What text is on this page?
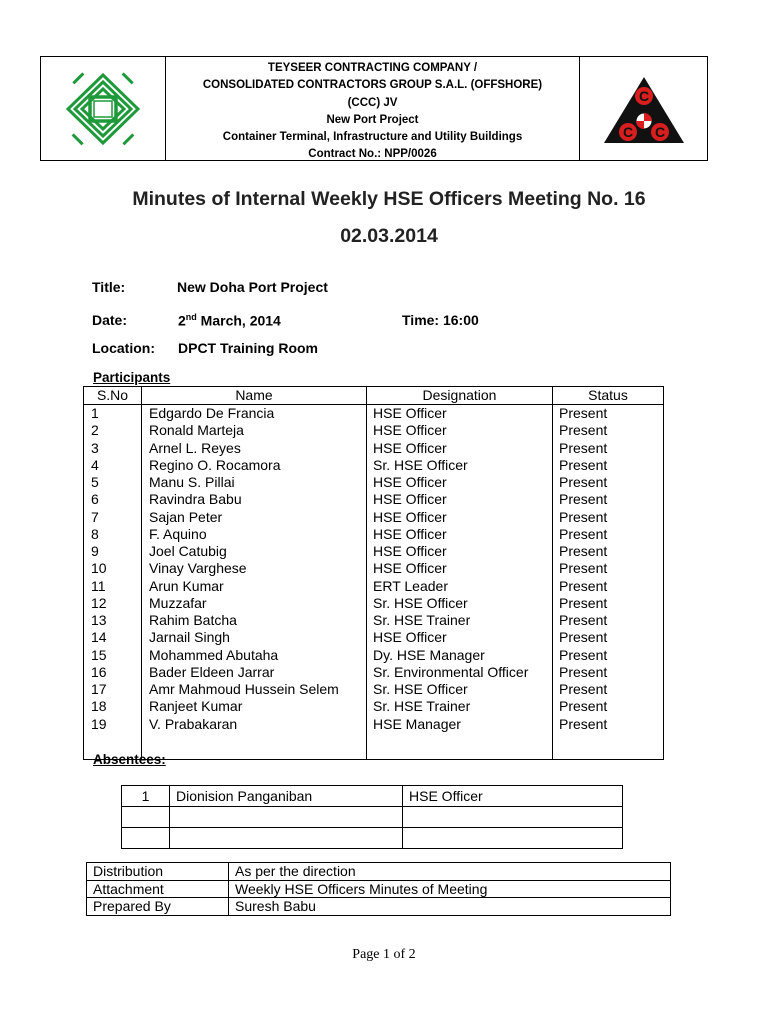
TEYSEER CONTRACTING COMPANY /
CONSOLIDATED CONTRACTORS GROUP S.A.L. (OFFSHORE)
(CCC) JV
New Port Project
Container Terminal, Infrastructure and Utility Buildings
Contract No.: NPP/0026
C
C C
Minutes of Internal Weekly HSE Officers Meeting No. 16
02.03.2014
Title:	New Doha Port Project
Date:	2nd March, 2014	Time: 16:00
Location: DPCT Training Room
Participants
S.No	Name	Designation	Status
1	Edgardo De Francia	HSE Officer	Present
2	Ronald Marteja	HSE Officer	Present
3	Arnel L. Reyes	HSE Officer	Present
4	Regino O. Rocamora	Sr. HSE Officer	Present
5	Manu S. Pillai	HSE Officer	Present
6	Ravindra Babu	HSE Officer	Present
7	Sajan Peter	HSE Officer	Present
8	F. Aquino	HSE Officer	Present
9	Joel Catubig	HSE Officer	Present
10	Vinay Varghese	HSE Officer	Present
11	Arun Kumar	ERT Leader	Present
12	Muzzafar	Sr. HSE Officer	Present
13	Rahim Batcha	Sr. HSE Trainer	Present
14	Jarnail Singh	HSE Officer	Present
15	Mohammed Abutaha	Dy. HSE Manager	Present
16	Bader Eldeen Jarrar	Sr. Environmental Officer	Present
17	Amr Mahmoud Hussein Selem	Sr. HSE Officer	Present
18	Ranjeet Kumar	Sr. HSE Trainer	Present
19	V. Prabakaran	HSE Manager	Present

Absentees:
1	Dionision Panganiban	HSE Officer

Distribution	As per the direction
Attachment	Weekly HSE Officers Minutes of Meeting
Prepared By	Suresh Babu
Page 1 of 2
